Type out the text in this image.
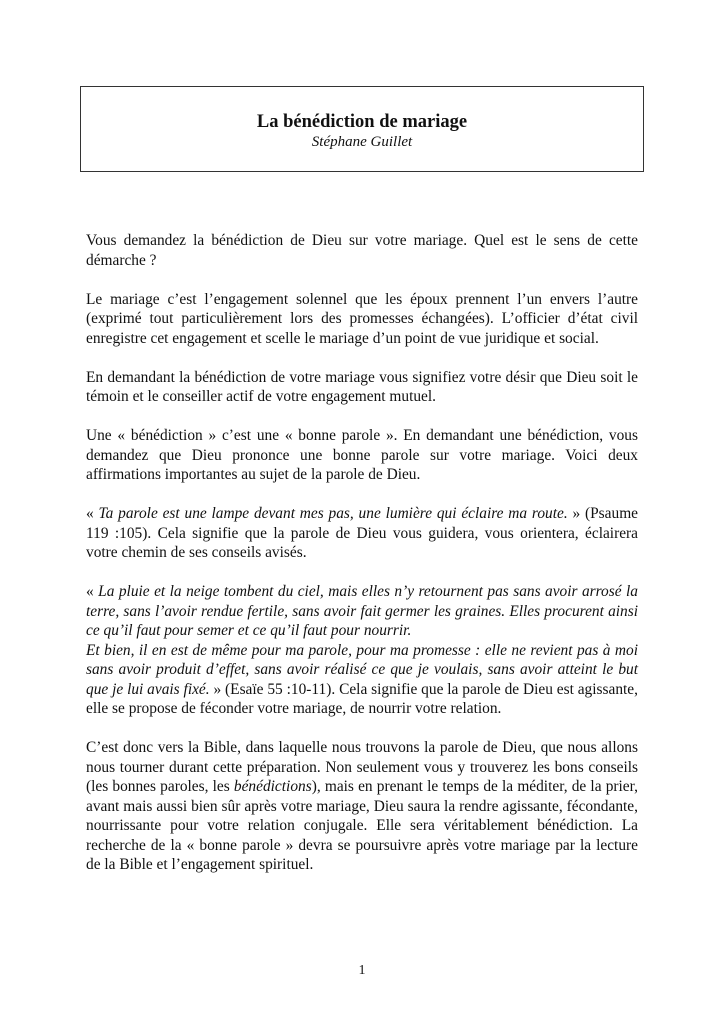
La bénédiction de mariage
Stéphane Guillet

Vous demandez la bénédiction de Dieu sur votre mariage. Quel est le sens de cette démarche ?

Le mariage c’est l’engagement solennel que les époux prennent l’un envers l’autre (exprimé tout particulièrement lors des promesses échangées). L’officier d’état civil enregistre cet engagement et scelle le mariage d’un point de vue juridique et social.

En demandant la bénédiction de votre mariage vous signifiez votre désir que Dieu soit le témoin et le conseiller actif de votre engagement mutuel.

Une « bénédiction » c’est une « bonne parole ». En demandant une bénédiction, vous demandez que Dieu prononce une bonne parole sur votre mariage. Voici deux affirmations importantes au sujet de la parole de Dieu.

« Ta parole est une lampe devant mes pas, une lumière qui éclaire ma route. » (Psaume 119 :105). Cela signifie que la parole de Dieu vous guidera, vous orientera, éclairera votre chemin de ses conseils avisés.

« La pluie et la neige tombent du ciel, mais elles n’y retournent pas sans avoir arrosé la terre, sans l’avoir rendue fertile, sans avoir fait germer les graines. Elles procurent ainsi ce qu’il faut pour semer et ce qu’il faut pour nourrir.

Et bien, il en est de même pour ma parole, pour ma promesse : elle ne revient pas à moi sans avoir produit d’effet, sans avoir réalisé ce que je voulais, sans avoir atteint le but que je lui avais fixé. » (Esaïe 55 :10-11). Cela signifie que la parole de Dieu est agissante, elle se propose de féconder votre mariage, de nourrir votre relation.

C’est donc vers la Bible, dans laquelle nous trouvons la parole de Dieu, que nous allons nous tourner durant cette préparation. Non seulement vous y trouverez les bons conseils (les bonnes paroles, les bénédictions), mais en prenant le temps de la méditer, de la prier, avant mais aussi bien sûr après votre mariage, Dieu saura la rendre agissante, fécondante, nourrissante pour votre relation conjugale. Elle sera véritablement bénédiction. La recherche de la « bonne parole » devra se poursuivre après votre mariage par la lecture de la Bible et l’engagement spirituel.

1
